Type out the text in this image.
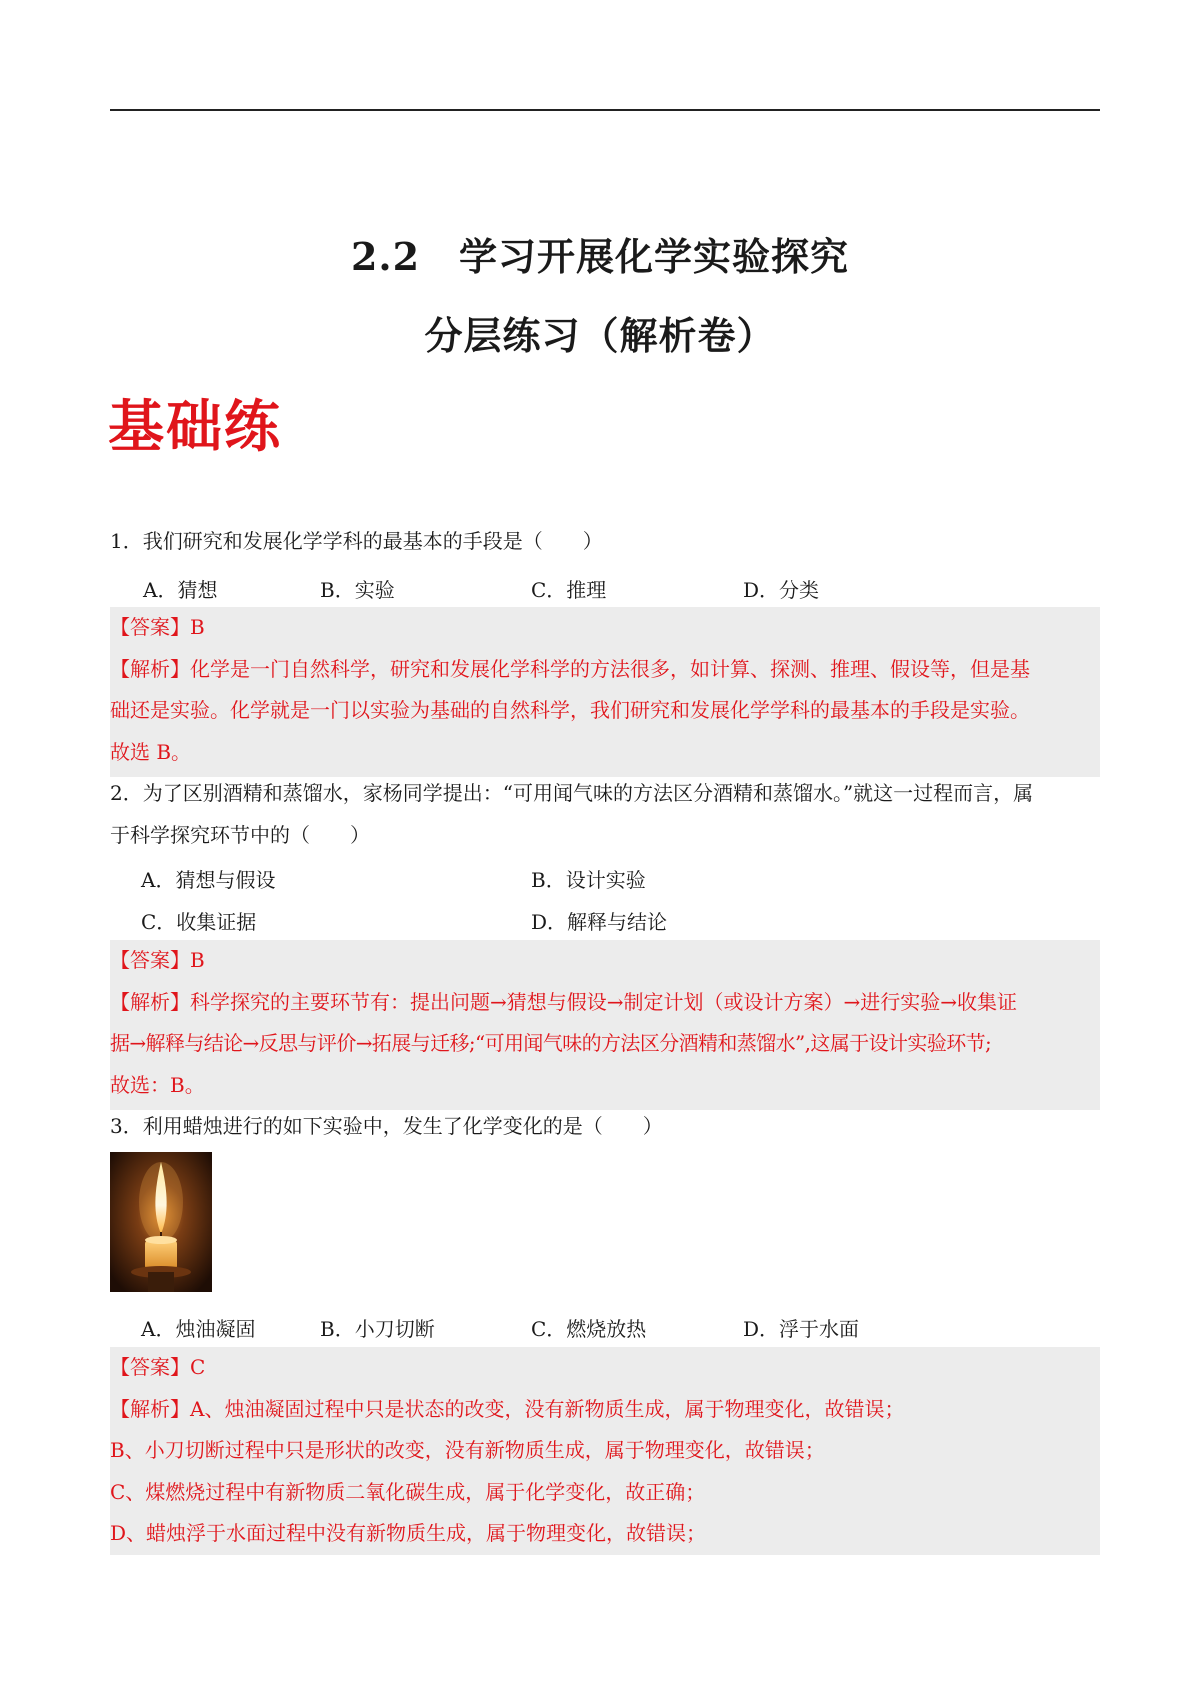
2.2　学习开展化学实验探究
分层练习（解析卷）
基础练
1．我们研究和发展化学学科的最基本的手段是（　　）
A．猜想	B．实验	C．推理	D．分类
【答案】B
【解析】化学是一门自然科学，研究和发展化学科学的方法很多，如计算、探测、推理、假设等，但是基
础还是实验。化学就是一门以实验为基础的自然科学，我们研究和发展化学学科的最基本的手段是实验。
故选 B。
2．为了区别酒精和蒸馏水，家杨同学提出：“可用闻气味的方法区分酒精和蒸馏水。”就这一过程而言，属
于科学探究环节中的（　　）
A．猜想与假设	B．设计实验
C．收集证据	D．解释与结论
【答案】B
【解析】科学探究的主要环节有：提出问题→猜想与假设→制定计划（或设计方案）→进行实验→收集证
据→解释与结论→反思与评价→拓展与迁移;“可用闻气味的方法区分酒精和蒸馏水”,这属于设计实验环节;
故选：B。
3．利用蜡烛进行的如下实验中，发生了化学变化的是（　　）
A．烛油凝固	B．小刀切断	C．燃烧放热	D．浮于水面
【答案】C
【解析】A、烛油凝固过程中只是状态的改变，没有新物质生成，属于物理变化，故错误；
B、小刀切断过程中只是形状的改变，没有新物质生成，属于物理变化，故错误；
C、煤燃烧过程中有新物质二氧化碳生成，属于化学变化，故正确；
D、蜡烛浮于水面过程中没有新物质生成，属于物理变化，故错误；
